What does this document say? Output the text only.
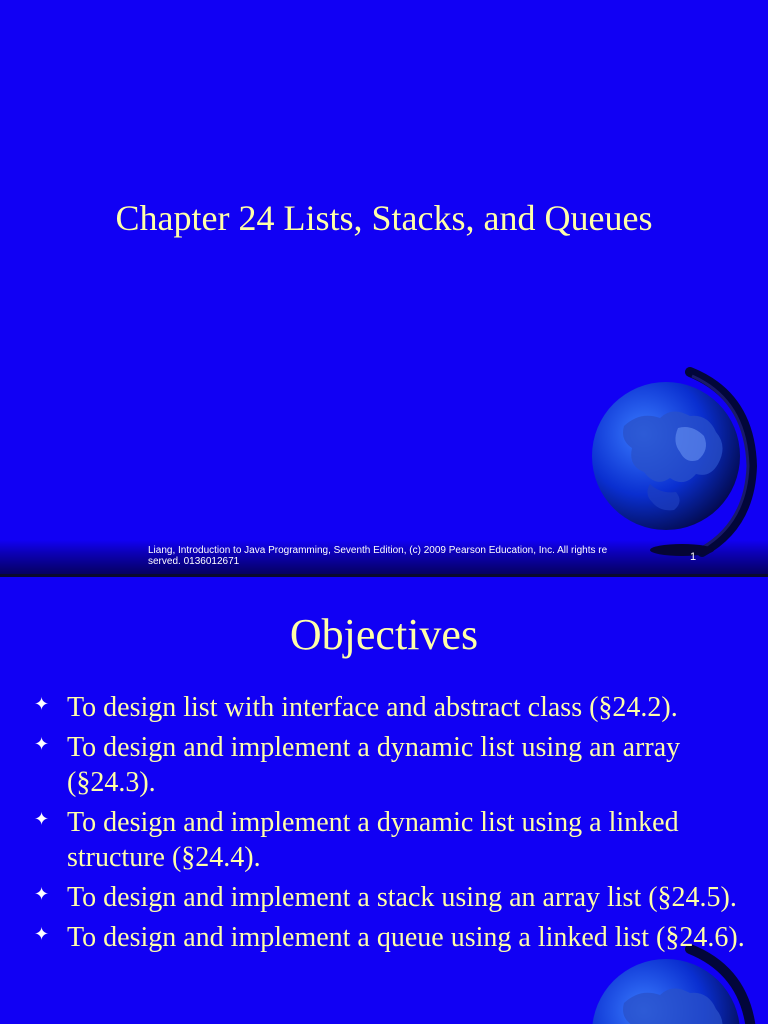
Chapter 24 Lists, Stacks, and Queues
Liang, Introduction to Java Programming, Seventh Edition, (c) 2009 Pearson Education, Inc. All rights reserved. 0136012671	1
Objectives
✦ To design list with interface and abstract class (§24.2).
✦ To design and implement a dynamic list using an array (§24.3).
✦ To design and implement a dynamic list using a linked structure (§24.4).
✦ To design and implement a stack using an array list (§24.5).
✦ To design and implement a queue using a linked list (§24.6).
